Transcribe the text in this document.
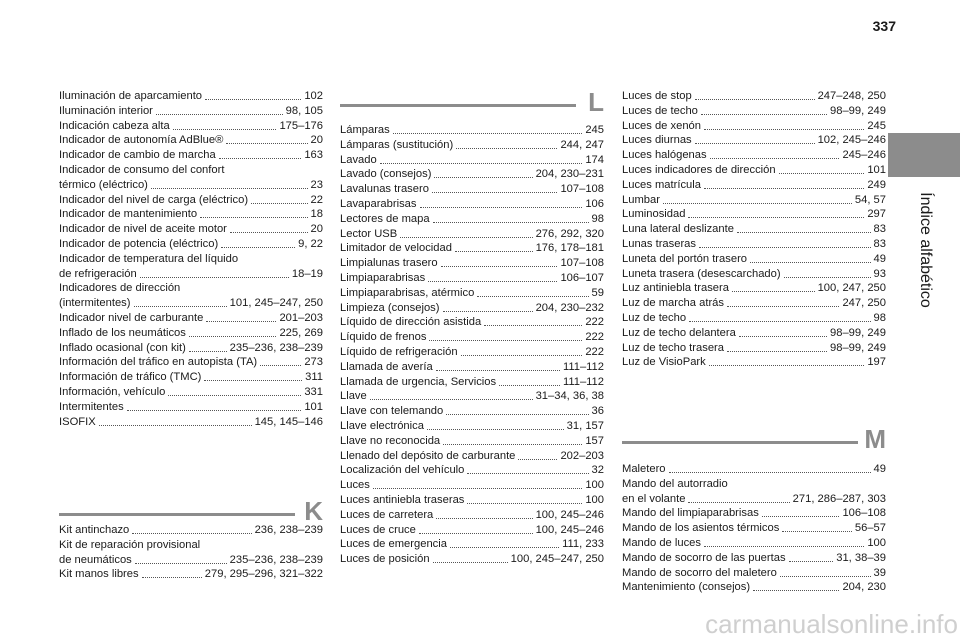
337
Índice alfabético
Iluminación de aparcamiento	102
Iluminación interior	98, 105
Indicación cabeza alta	175–176
Indicador de autonomía AdBlue®	20
Indicador de cambio de marcha	163
Indicador de consumo del confort
térmico (eléctrico)	23
Indicador del nivel de carga (eléctrico)	22
Indicador de mantenimiento	18
Indicador de nivel de aceite motor	20
Indicador de potencia (eléctrico)	9, 22
Indicador de temperatura del líquido
de refrigeración	18–19
Indicadores de dirección
(intermitentes)	101, 245–247, 250
Indicador nivel de carburante	201–203
Inflado de los neumáticos	225, 269
Inflado ocasional (con kit)	235–236, 238–239
Información del tráfico en autopista (TA)	273
Información de tráfico (TMC)	311
Información, vehículo	331
Intermitentes	101
ISOFIX	145, 145–146
K
Kit antinchazo	236, 238–239
Kit de reparación provisional
de neumáticos	235–236, 238–239
Kit manos libres	279, 295–296, 321–322
L
Lámparas	245
Lámparas (sustitución)	244, 247
Lavado	174
Lavado (consejos)	204, 230–231
Lavalunas trasero	107–108
Lavaparabrisas	106
Lectores de mapa	98
Lector USB	276, 292, 320
Limitador de velocidad	176, 178–181
Limpialunas trasero	107–108
Limpiaparabrisas	106–107
Limpiaparabrisas, atérmico	59
Limpieza (consejos)	204, 230–232
Líquido de dirección asistida	222
Líquido de frenos	222
Líquido de refrigeración	222
Llamada de avería	111–112
Llamada de urgencia, Servicios	111–112
Llave	31–34, 36, 38
Llave con telemando	36
Llave electrónica	31, 157
Llave no reconocida	157
Llenado del depósito de carburante	202–203
Localización del vehículo	32
Luces	100
Luces antiniebla traseras	100
Luces de carretera	100, 245–246
Luces de cruce	100, 245–246
Luces de emergencia	111, 233
Luces de posición	100, 245–247, 250
Luces de stop	247–248, 250
Luces de techo	98–99, 249
Luces de xenón	245
Luces diurnas	102, 245–246
Luces halógenas	245–246
Luces indicadores de dirección	101
Luces matrícula	249
Lumbar	54, 57
Luminosidad	297
Luna lateral deslizante	83
Lunas traseras	83
Luneta del portón trasero	49
Luneta trasera (desescarchado)	93
Luz antiniebla trasera	100, 247, 250
Luz de marcha atrás	247, 250
Luz de techo	98
Luz de techo delantera	98–99, 249
Luz de techo trasera	98–99, 249
Luz de VisioPark	197
M
Maletero	49
Mando del autorradio
en el volante	271, 286–287, 303
Mando del limpiaparabrisas	106–108
Mando de los asientos térmicos	56–57
Mando de luces	100
Mando de socorro de las puertas	31, 38–39
Mando de socorro del maletero	39
Mantenimiento (consejos)	204, 230
carmanualsonline.info
